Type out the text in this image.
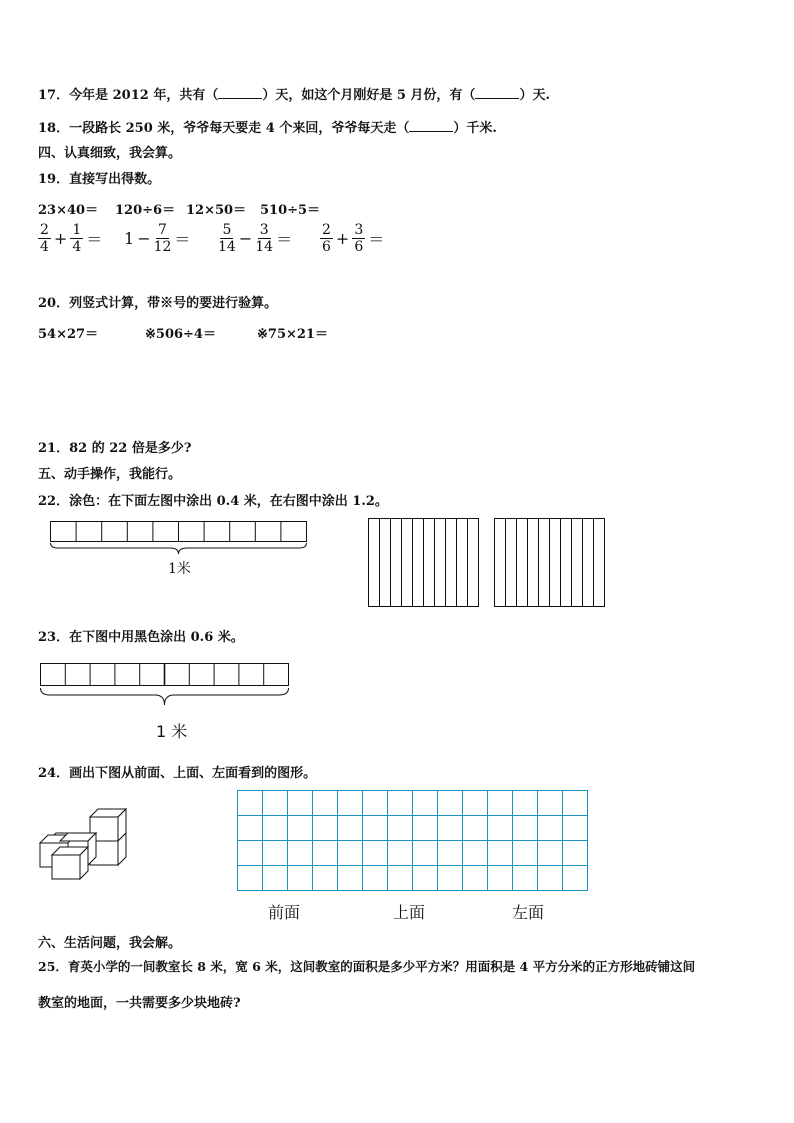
17．今年是 2012 年，共有（	）天，如这个月刚好是 5 月份，有（	）天.
18．一段路长 250 米，爷爷每天要走 4 个来回，爷爷每天走（	）千米.
四、认真细致，我会算。
19．直接写出得数。
23×40＝ 120÷6＝ 12×50＝ 510÷5＝
$\frac{2}{4} + \frac{1}{4} = 1 - \frac{7}{12} = \frac{5}{14} - \frac{3}{14} = \frac{2}{6} + \frac{3}{6}$ ＝
20．列竖式计算，带※号的要进行验算。
54×27＝	※506÷4＝	※75×21＝
21．82 的 22 倍是多少?
五、动手操作，我能行。
22．涂色：在下面左图中涂出 0.4 米，在右图中涂出 1.2。
1米
23．在下图中用黑色涂出 0.6 米。
1 米
24．画出下图从前面、上面、左面看到的图形。
前面	上面	左面
六、生活问题，我会解。
25．育英小学的一间教室长 8 米，宽 6 米，这间教室的面积是多少平方米？用面积是 4 平方分米的正方形地砖铺这间
教室的地面，一共需要多少块地砖?
